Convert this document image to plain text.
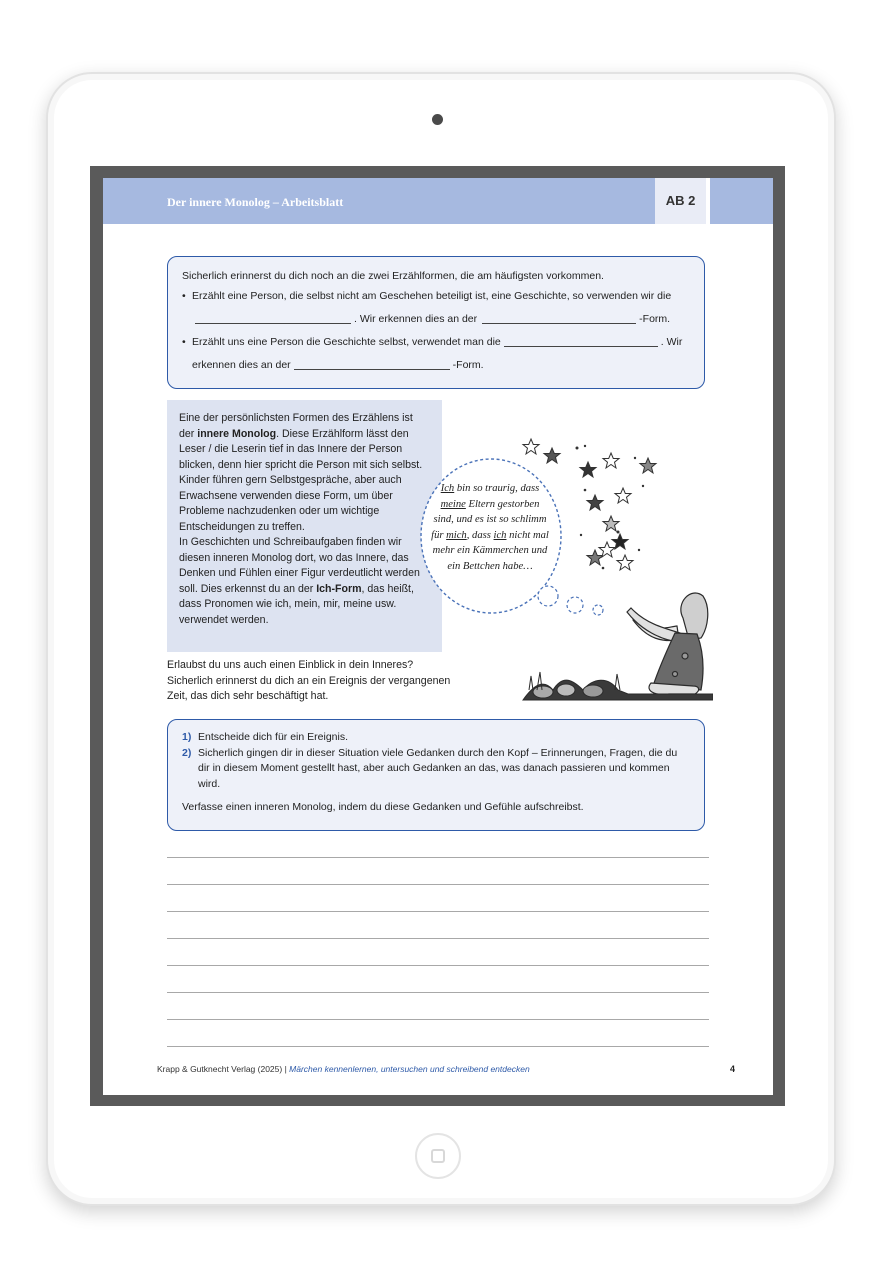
Der innere Monolog – Arbeitsblatt	AB 2

Sicherlich erinnerst du dich noch an die zwei Erzählformen, die am häufigsten vorkommen.

• Erzählt eine Person, die selbst nicht am Geschehen beteiligt ist, eine Geschichte, so verwenden wir die
. Wir erkennen dies an der	-Form.
• Erzählt uns eine Person die Geschichte selbst, verwendet man die	. Wir
erkennen dies an der	-Form.

Eine der persönlichsten Formen des Erzählens ist der innere Monolog. Diese Erzählform lässt den Leser / die Leserin tief in das Innere der Person blicken, denn hier spricht die Person mit sich selbst.

Kinder führen gern Selbstgespräche, aber auch Erwachsene verwenden diese Form, um über Probleme nachzudenken oder um wichtige Entscheidungen zu treffen.

In Geschichten und Schreibaufgaben finden wir diesen inneren Monolog dort, wo das Innere, das Denken und Fühlen einer Figur verdeutlicht werden soll. Dies erkennst du an der Ich-Form, das heißt, dass Pronomen wie ich, mein, mir, meine usw. verwendet werden.

Erlaubst du uns auch einen Einblick in dein Inneres?

Sicherlich erinnerst du dich an ein Ereignis der vergangenen Zeit, das dich sehr beschäftigt hat.

Ich bin so traurig, dass meine Eltern gestorben sind, und es ist so schlimm für mich, dass ich nicht mal mehr ein Kämmerchen und ein Bettchen habe…
1) Entscheide dich für ein Ereignis.
2) Sicherlich gingen dir in dieser Situation viele Gedanken durch den Kopf – Erinnerungen, Fragen, die du dir in diesem Moment gestellt hast, aber auch Gedanken an das, was danach passieren und kommen wird.

Verfasse einen inneren Monolog, indem du diese Gedanken und Gefühle aufschreibst.

Krapp & Gutknecht Verlag (2025) | Märchen kennenlernen, untersuchen und schreibend entdecken	4
